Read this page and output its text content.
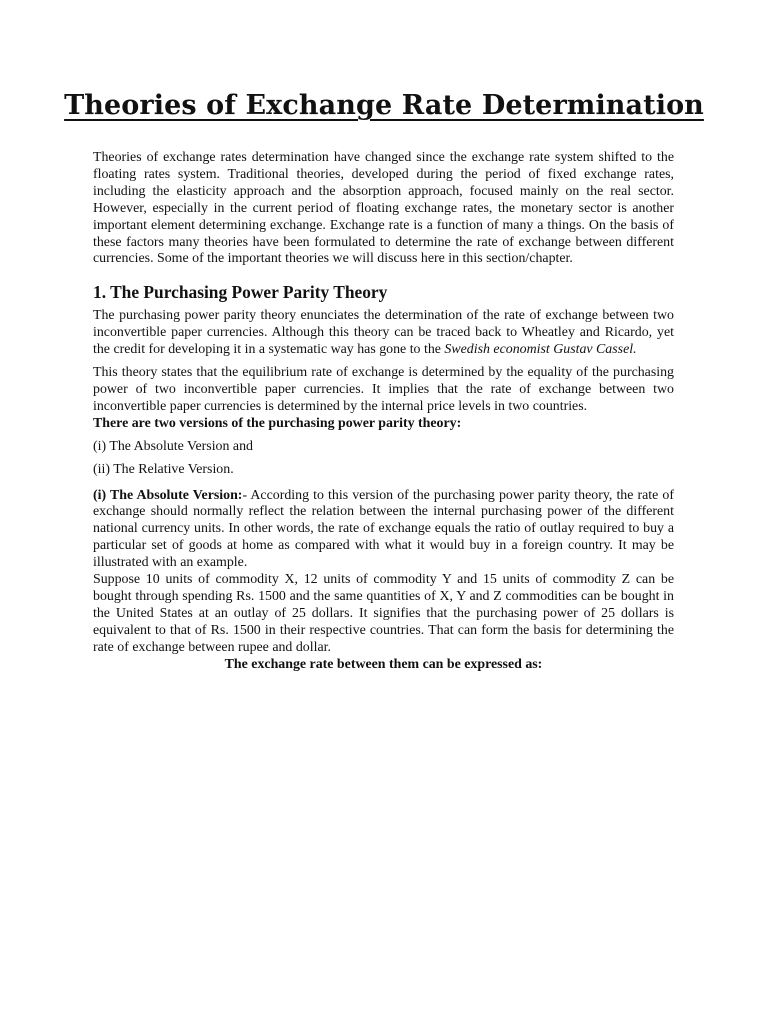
Theories of Exchange Rate Determination

Theories of exchange rates determination have changed since the exchange rate system shifted to the floating rates system. Traditional theories, developed during the period of fixed exchange rates, including the elasticity approach and the absorption approach, focused mainly on the real sector. However, especially in the current period of floating exchange rates, the monetary sector is another important element determining exchange. Exchange rate is a function of many a things. On the basis of these factors many theories have been formulated to determine the rate of exchange between different currencies. Some of the important theories we will discuss here in this section/chapter.

1. The Purchasing Power Parity Theory

The purchasing power parity theory enunciates the determination of the rate of exchange between two inconvertible paper currencies. Although this theory can be traced back to Wheatley and Ricardo, yet the credit for developing it in a systematic way has gone to the Swedish economist Gustav Cassel.

This theory states that the equilibrium rate of exchange is determined by the equality of the purchasing power of two inconvertible paper currencies. It implies that the rate of exchange between two inconvertible paper currencies is determined by the internal price levels in two countries.

There are two versions of the purchasing power parity theory:

(i) The Absolute Version and

(ii) The Relative Version.

(i) The Absolute Version:- According to this version of the purchasing power parity theory, the rate of exchange should normally reflect the relation between the internal purchasing power of the different national currency units. In other words, the rate of exchange equals the ratio of outlay required to buy a particular set of goods at home as compared with what it would buy in a foreign country. It may be illustrated with an example.

Suppose 10 units of commodity X, 12 units of commodity Y and 15 units of commodity Z can be bought through spending Rs. 1500 and the same quantities of X, Y and Z commodities can be bought in the United States at an outlay of 25 dollars. It signifies that the purchasing power of 25 dollars is equivalent to that of Rs. 1500 in their respective countries. That can form the basis for determining the rate of exchange between rupee and dollar.

The exchange rate between them can be expressed as:
